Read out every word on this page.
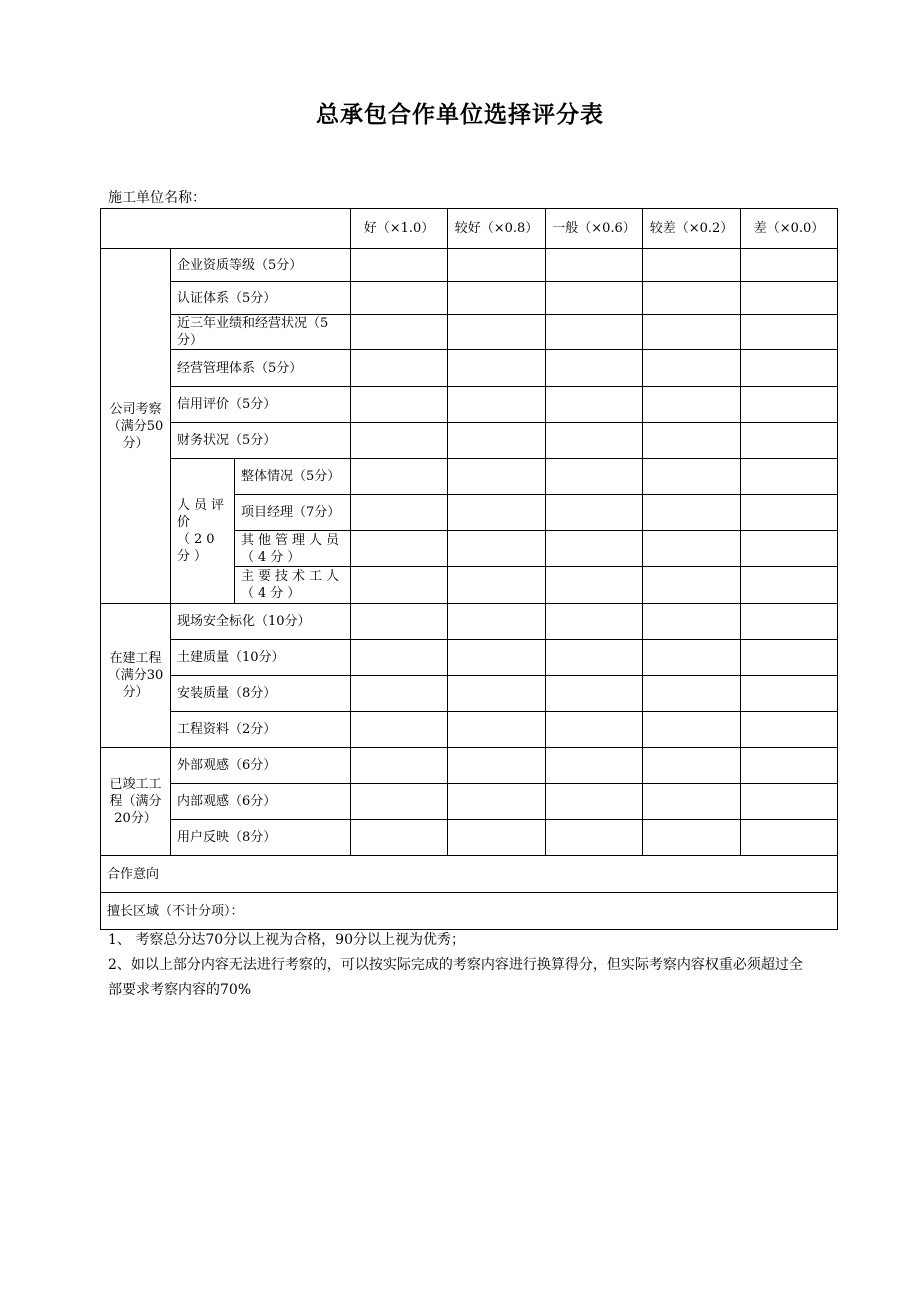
总承包合作单位选择评分表
施工单位名称：
			好（×1.0）	较好（×0.8）	一般（×0.6）	较差（×0.2）	差（×0.0）
公司考察（满分50分）	企业资质等级（5分）						
	认证体系（5分）						
	近三年业绩和经营状况（5分）						
	经营管理体系（5分）						
	信用评价（5分）						
	财务状况（5分）						
	人员评价（20分）	整体情况（5分）					
		项目经理（7分）					
		其他管理人员（4分）					
		主要技术工人（4分）					
在建工程（满分30分）	现场安全标化（10分）						
	土建质量（10分）						
	安装质量（8分）						
	工程资料（2分）						
已竣工工程（满分20分）	外部观感（6分）						
	内部观感（6分）						
	用户反映（8分）						
合作意向							
擅长区域（不计分项）：							

1、 考察总分达70分以上视为合格，90分以上视为优秀；

2、如以上部分内容无法进行考察的，可以按实际完成的考察内容进行换算得分，但实际考察内容权重必须超过全部要求考察内容的70%
